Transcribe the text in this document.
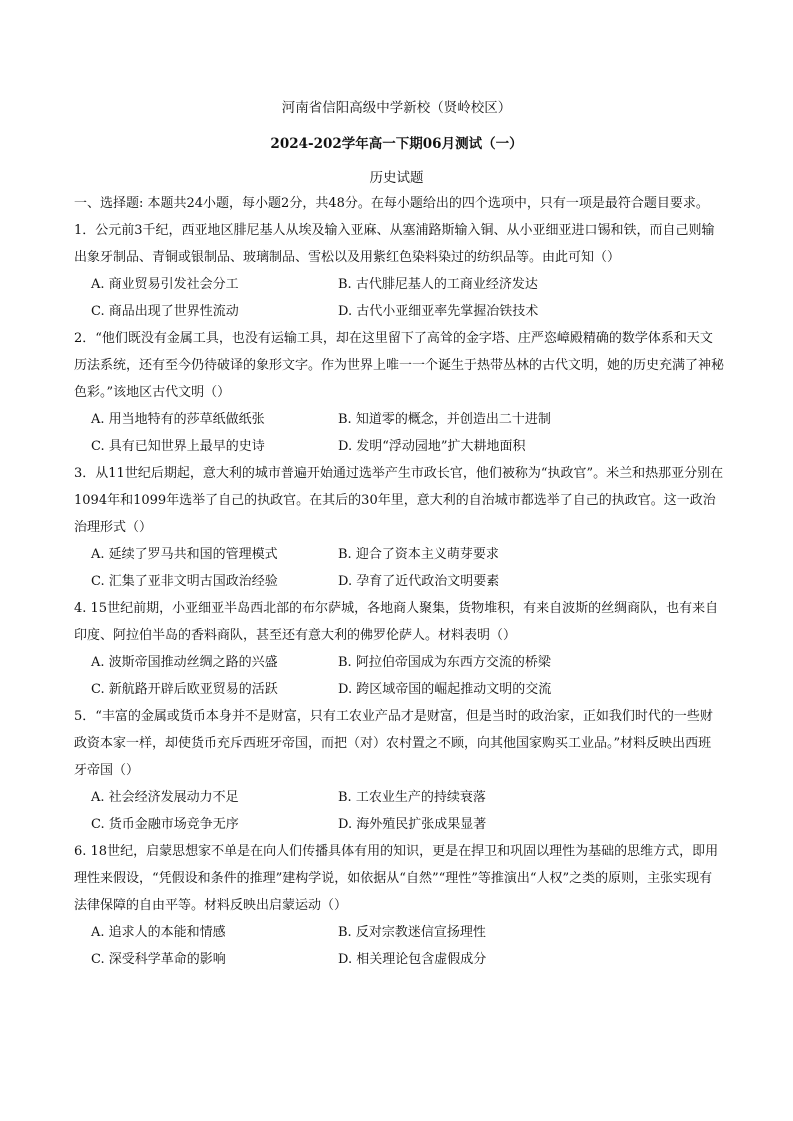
河南省信阳高级中学新校（贤岭校区）
2024-202学年高一下期06月测试（一）
历史试题

一、选择题: 本题共24小题，每小题2分，共48分。在每小题给出的四个选项中，只有一项是最符合题目要求。

1．公元前3千纪，西亚地区腓尼基人从埃及输入亚麻、从塞浦路斯输入铜、从小亚细亚进口锡和铁，而自己则输出象牙制品、青铜或银制品、玻璃制品、雪松以及用紫红色染料染过的纺织品等。由此可知（）

A. 商业贸易引发社会分工	B. 古代腓尼基人的工商业经济发达
C. 商品出现了世界性流动	D. 古代小亚细亚率先掌握冶铁技术

2．“他们既没有金属工具，也没有运输工具，却在这里留下了高耸的金字塔、庄严恣嶂殿精确的数学体系和天文历法系统，还有至今仍待破译的象形文字。作为世界上唯一一个诞生于热带丛林的古代文明，她的历史充满了神秘色彩。”该地区古代文明（）

A. 用当地特有的莎草纸做纸张	B. 知道零的概念，并创造出二十进制
C. 具有已知世界上最早的史诗	D. 发明“浮动园地”扩大耕地面积

3．从11世纪后期起，意大利的城市普遍开始通过选举产生市政长官，他们被称为“执政官”。米兰和热那亚分别在1094年和1099年选举了自己的执政官。在其后的30年里，意大利的自治城市都选举了自己的执政官。这一政治治理形式（）

A. 延续了罗马共和国的管理模式	B. 迎合了资本主义萌芽要求
C. 汇集了亚非文明古国政治经验	D. 孕育了近代政治文明要素

4. 15世纪前期，小亚细亚半岛西北部的布尔萨城，各地商人聚集，货物堆积，有来自波斯的丝绸商队，也有来自印度、阿拉伯半岛的香料商队，甚至还有意大利的佛罗伦萨人。材料表明（）

A. 波斯帝国推动丝绸之路的兴盛	B. 阿拉伯帝国成为东西方交流的桥梁
C. 新航路开辟后欧亚贸易的活跃	D. 跨区域帝国的崛起推动文明的交流

5．“丰富的金属或货币本身并不是财富，只有工农业产品才是财富，但是当时的政治家，正如我们时代的一些财政资本家一样，却使货币充斥西班牙帝国，而把（对）农村置之不顾，向其他国家购买工业品。”材料反映出西班牙帝国（）

A. 社会经济发展动力不足	B. 工农业生产的持续衰落
C. 货币金融市场竞争无序	D. 海外殖民扩张成果显著

6. 18世纪，启蒙思想家不单是在向人们传播具体有用的知识，更是在捍卫和巩固以理性为基础的思维方式，即用理性来假设，“凭假设和条件的推理”建构学说，如依据从“自然”“理性”等推演出“人权”之类的原则，主张实现有法律保障的自由平等。材料反映出启蒙运动（）

A. 追求人的本能和情感	B. 反对宗教迷信宣扬理性
C. 深受科学革命的影响	D. 相关理论包含虚假成分
